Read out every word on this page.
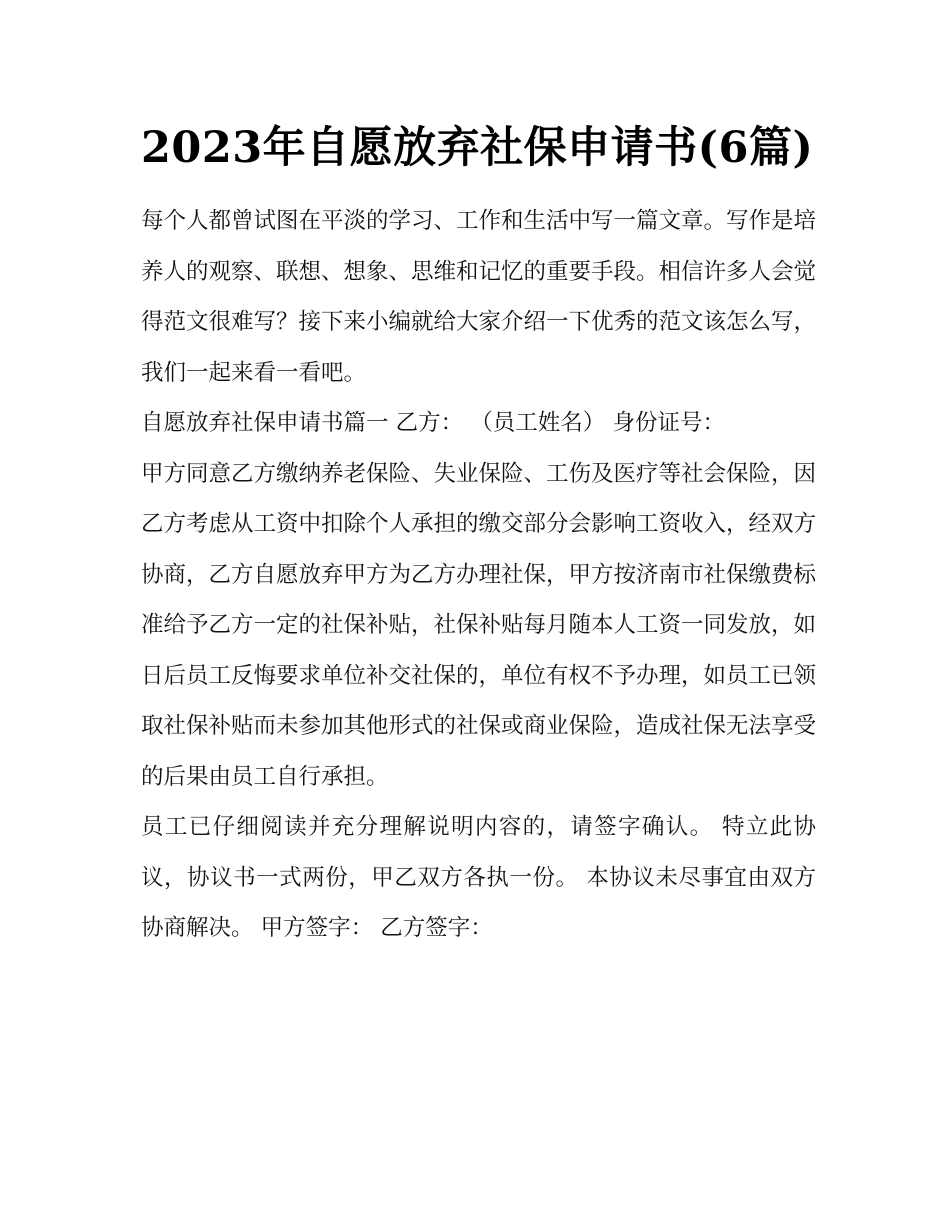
2023年自愿放弃社保申请书(6篇)

每个人都曾试图在平淡的学习、工作和生活中写一篇文章。写作是培养人的观察、联想、想象、思维和记忆的重要手段。相信许多人会觉得范文很难写？接下来小编就给大家介绍一下优秀的范文该怎么写，我们一起来看一看吧。

自愿放弃社保申请书篇一 乙方： （员工姓名） 身份证号：

甲方同意乙方缴纳养老保险、失业保险、工伤及医疗等社会保险，因乙方考虑从工资中扣除个人承担的缴交部分会影响工资收入，经双方协商，乙方自愿放弃甲方为乙方办理社保，甲方按济南市社保缴费标准给予乙方一定的社保补贴，社保补贴每月随本人工资一同发放，如日后员工反悔要求单位补交社保的，单位有权不予办理，如员工已领取社保补贴而未参加其他形式的社保或商业保险，造成社保无法享受的后果由员工自行承担。

员工已仔细阅读并充分理解说明内容的，请签字确认。 特立此协议，协议书一式两份，甲乙双方各执一份。 本协议未尽事宜由双方协商解决。 甲方签字： 乙方签字：
